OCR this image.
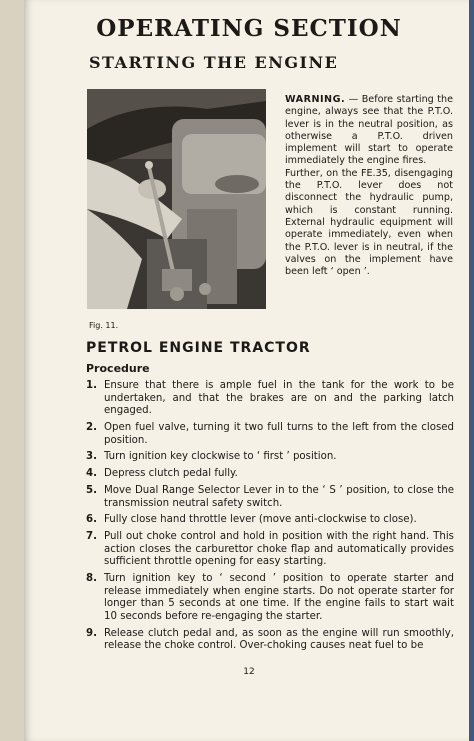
OPERATING SECTION
STARTING THE ENGINE

WARNING. — Before starting the engine, always see that the P.T.O. lever is in the neutral position, as otherwise a P.T.O. driven implement will start to operate immediately the engine fires.

Further, on the FE.35, disengaging the P.T.O. lever does not disconnect the hydraulic pump, which is constant running. External hydraulic equipment will operate immediately, even when the P.T.O. lever is in neutral, if the valves on the implement have been left ‘ open ’.

Fig. 11.
PETROL ENGINE TRACTOR
Procedure
1. Ensure that there is ample fuel in the tank for the work to be undertaken, and that the brakes are on and the parking latch engaged.
2. Open fuel valve, turning it two full turns to the left from the closed position.
3. Turn ignition key clockwise to ‘ first ’ position.
4. Depress clutch pedal fully.
5. Move Dual Range Selector Lever in to the ‘ S ’ position, to close the transmission neutral safety switch.
6. Fully close hand throttle lever (move anti-clockwise to close).
7. Pull out choke control and hold in position with the right hand. This action closes the carburettor choke flap and automatically provides sufficient throttle opening for easy starting.
8. Turn ignition key to ‘ second ’ position to operate starter and release immediately when engine starts. Do not operate starter for longer than 5 seconds at one time. If the engine fails to start wait 10 seconds before re-engaging the starter.
9. Release clutch pedal and, as soon as the engine will run smoothly, release the choke control. Over-choking causes neat fuel to be
12
